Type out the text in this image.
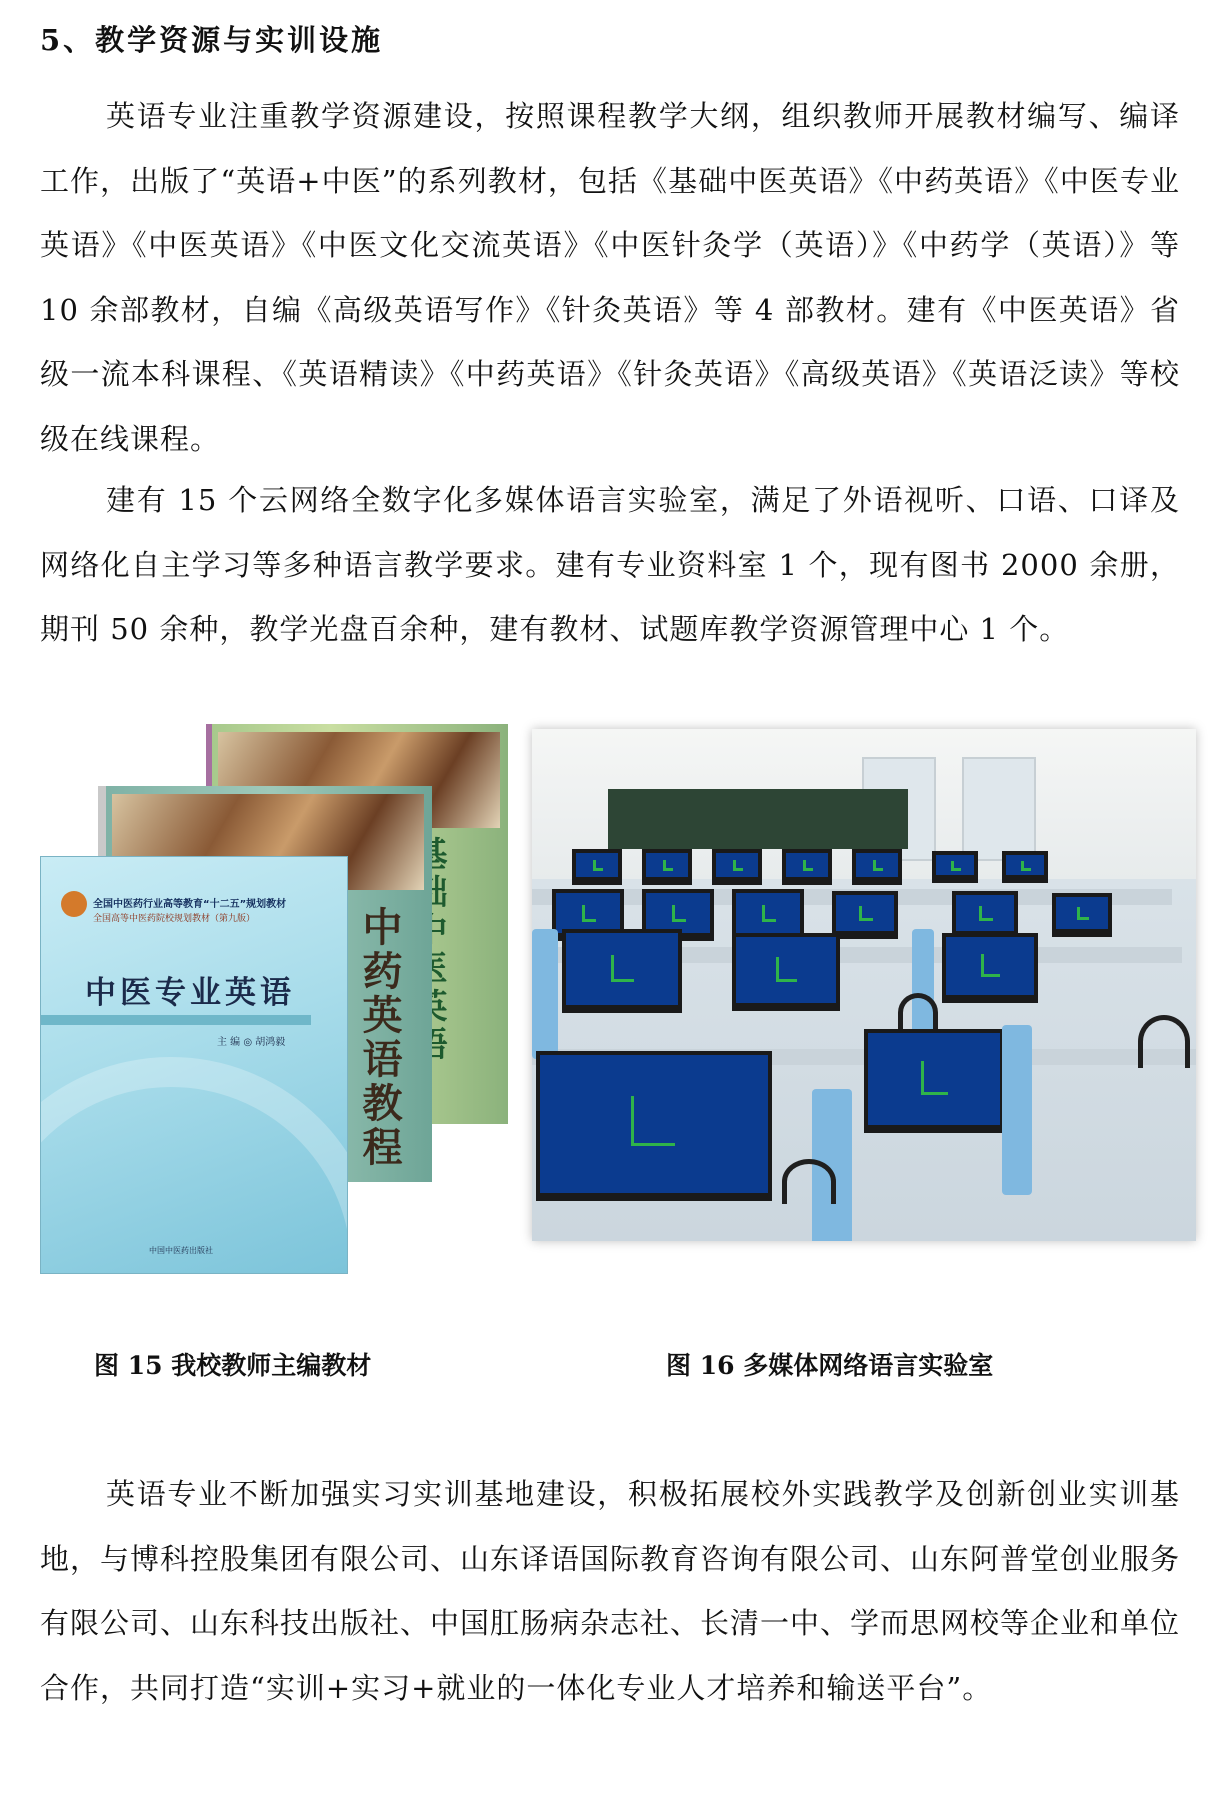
5、教学资源与实训设施

英语专业注重教学资源建设，按照课程教学大纲，组织教师开展教材编写、编译工作，出版了“英语+中医”的系列教材，包括《基础中医英语》《中药英语》《中医专业英语》《中医英语》《中医文化交流英语》《中医针灸学（英语）》《中药学（英语）》等 10 余部教材，自编《高级英语写作》《针灸英语》等 4 部教材。建有《中医英语》省级一流本科课程、《英语精读》《中药英语》《针灸英语》《高级英语》《英语泛读》等校级在线课程。

建有 15 个云网络全数字化多媒体语言实验室，满足了外语视听、口语、口译及网络化自主学习等多种语言教学要求。建有专业资料室 1 个，现有图书 2000 余册，期刊 50 余种，教学光盘百余种，建有教材、试题库教学资源管理中心 1 个。

中药英语教程
全国中医药行业高等教育“十二五”规划教材
全国高等中医药院校规划教材（第九版）
中医专业英语
主 编 ◎ 胡鸿毅
中国中医药出版社
图 15 我校教师主编教材	图 16 多媒体网络语言实验室

英语专业不断加强实习实训基地建设，积极拓展校外实践教学及创新创业实训基地，与博科控股集团有限公司、山东译语国际教育咨询有限公司、山东阿普堂创业服务有限公司、山东科技出版社、中国肛肠病杂志社、长清一中、学而思网校等企业和单位合作，共同打造“实训+实习+就业的一体化专业人才培养和输送平台”。
